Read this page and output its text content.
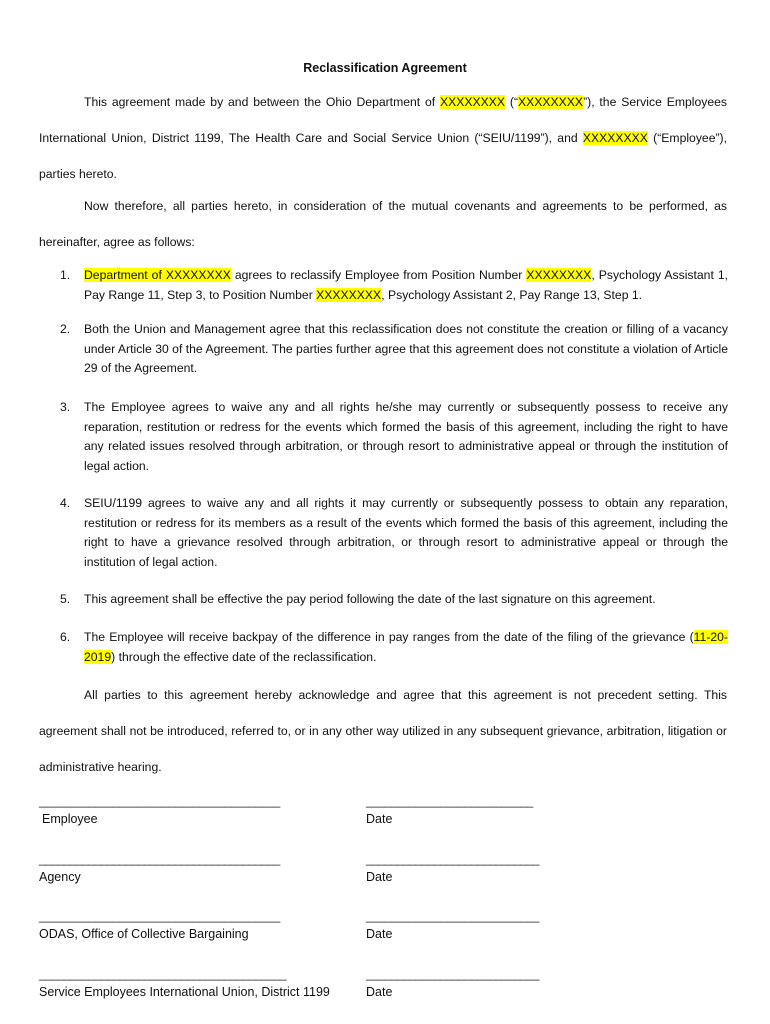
Reclassification Agreement

This agreement made by and between the Ohio Department of XXXXXXXX (“XXXXXXXX”), the Service Employees International Union, District 1199, The Health Care and Social Service Union (“SEIU/1199”), and XXXXXXXX (“Employee”), parties hereto.

Now therefore, all parties hereto, in consideration of the mutual covenants and agreements to be performed, as hereinafter, agree as follows:

1. Department of XXXXXXXX agrees to reclassify Employee from Position Number XXXXXXXX, Psychology Assistant 1, Pay Range 11, Step 3, to Position Number XXXXXXXX, Psychology Assistant 2, Pay Range 13, Step 1.
2. Both the Union and Management agree that this reclassification does not constitute the creation or filling of a vacancy under Article 30 of the Agreement. The parties further agree that this agreement does not constitute a violation of Article 29 of the Agreement.
3. The Employee agrees to waive any and all rights he/she may currently or subsequently possess to receive any reparation, restitution or redress for the events which formed the basis of this agreement, including the right to have any related issues resolved through arbitration, or through resort to administrative appeal or through the institution of legal action.
4. SEIU/1199 agrees to waive any and all rights it may currently or subsequently possess to obtain any reparation, restitution or redress for its members as a result of the events which formed the basis of this agreement, including the right to have a grievance resolved through arbitration, or through resort to administrative appeal or through the institution of legal action.
5. This agreement shall be effective the pay period following the date of the last signature on this agreement.
6. The Employee will receive backpay of the difference in pay ranges from the date of the filing of the grievance (11-20-2019) through the effective date of the reclassification.

All parties to this agreement hereby acknowledge and agree that this agreement is not precedent setting. This agreement shall not be introduced, referred to, or in any other way utilized in any subsequent grievance, arbitration, litigation or administrative hearing.

_______________________________________	___________________________
Employee	Date
_______________________________________	____________________________
Agency	Date
_______________________________________	____________________________
ODAS, Office of Collective Bargaining	Date
________________________________________	____________________________
Service Employees International Union, District 1199	Date
